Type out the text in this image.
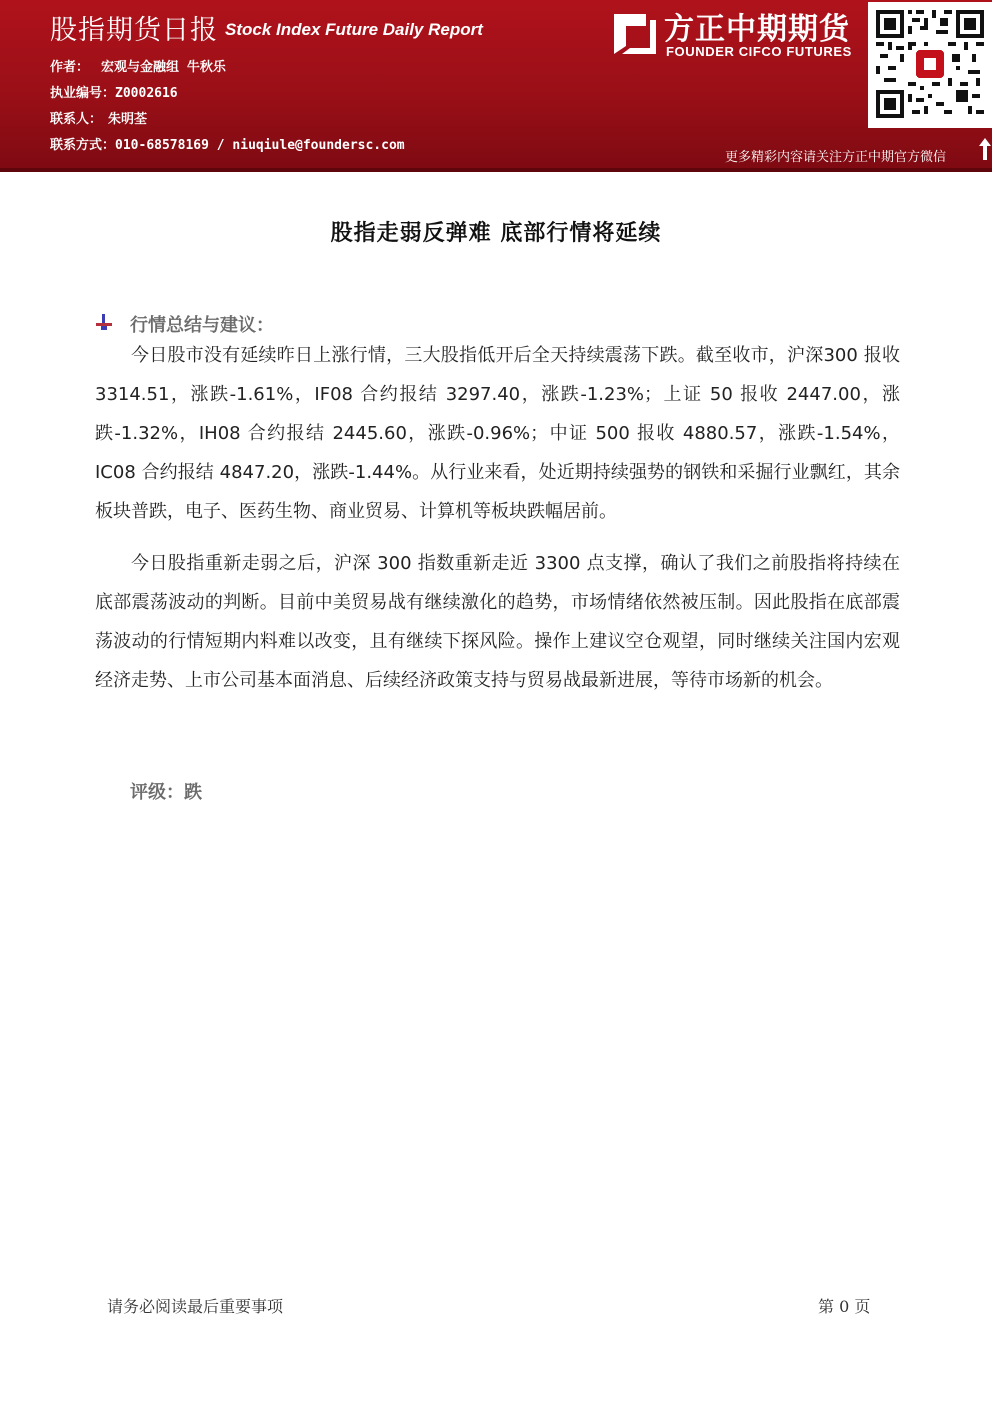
股指期货日报 Stock Index Future Daily Report
作者： 宏观与金融组 牛秋乐
执业编号：Z0002616
联系人： 朱明荃
联系方式：010-68578169 / niuqiule@foundersc.com
方正中期期货
FOUNDER CIFCO FUTURES
更多精彩内容请关注方正中期官方微信
股指走弱反弹难 底部行情将延续
行情总结与建议：
今日股市没有延续昨日上涨行情，三大股指低开后全天持续震荡下跌。截至收市，沪深300 报收 3314.51，涨跌-1.61%，IF08 合约报结 3297.40，涨跌-1.23%；上证 50 报收 2447.00，涨跌-1.32%，IH08 合约报结 2445.60，涨跌-0.96%；中证 500 报收 4880.57，涨跌-1.54%，IC08 合约报结 4847.20，涨跌-1.44%。从行业来看，处近期持续强势的钢铁和采掘行业飘红，其余板块普跌，电子、医药生物、商业贸易、计算机等板块跌幅居前。
今日股指重新走弱之后，沪深 300 指数重新走近 3300 点支撑，确认了我们之前股指将持续在底部震荡波动的判断。目前中美贸易战有继续激化的趋势，市场情绪依然被压制。因此股指在底部震荡波动的行情短期内料难以改变，且有继续下探风险。操作上建议空仓观望，同时继续关注国内宏观经济走势、上市公司基本面消息、后续经济政策支持与贸易战最新进展，等待市场新的机会。
评级：跌
请务必阅读最后重要事项	第 0 页
